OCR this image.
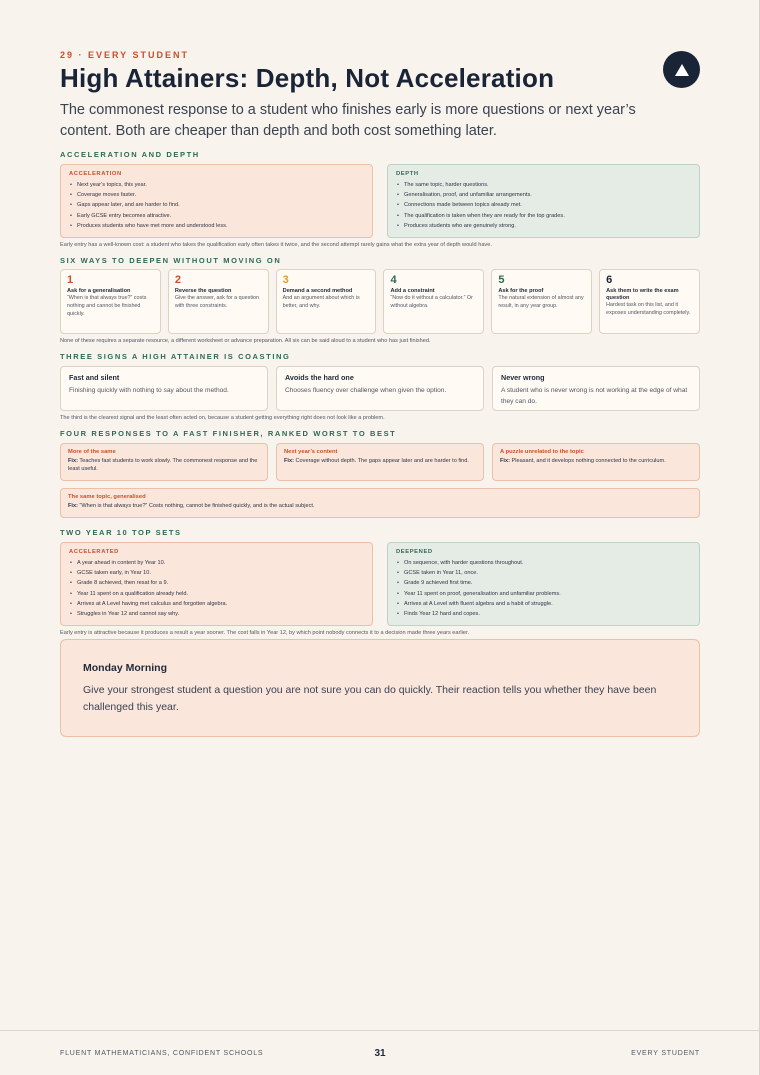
29 · EVERY STUDENT
High Attainers: Depth, Not Acceleration
The commonest response to a student who finishes early is more questions or next year’s content. Both are cheaper than depth and both cost something later.
ACCELERATION AND DEPTH
ACCELERATION
• Next year’s topics, this year.
• Coverage moves faster.
• Gaps appear later, and are harder to find.
• Early GCSE entry becomes attractive.
• Produces students who have met more and understood less.
DEPTH
• The same topic, harder questions.
• Generalisation, proof, and unfamiliar arrangements.
• Connections made between topics already met.
• The qualification is taken when they are ready for the top grades.
• Produces students who are genuinely strong.
Early entry has a well-known cost: a student who takes the qualification early often takes it twice, and the second attempt rarely gains what the extra year of depth would have.
SIX WAYS TO DEEPEN WITHOUT MOVING ON
1
Ask for a generalisation
“When is that always true?” costs nothing and cannot be finished quickly.
2
Reverse the question
Give the answer, ask for a question with three constraints.
3
Demand a second method
And an argument about which is better, and why.
4
Add a constraint
“Now do it without a calculator.” Or without algebra.
5
Ask for the proof
The natural extension of almost any result, in any year group.
6
Ask them to write the exam question
Hardest task on this list, and it exposes understanding completely.
None of these requires a separate resource, a different worksheet or advance preparation. All six can be said aloud to a student who has just finished.
THREE SIGNS A HIGH ATTAINER IS COASTING
Fast and silent
Finishing quickly with nothing to say about the method.
Avoids the hard one
Chooses fluency over challenge when given the option.
Never wrong
A student who is never wrong is not working at the edge of what they can do.
The third is the clearest signal and the least often acted on, because a student getting everything right does not look like a problem.
FOUR RESPONSES TO A FAST FINISHER, RANKED WORST TO BEST
More of the same
Fix: Teaches fast students to work slowly. The commonest response and the least useful.
Next year’s content
Fix: Coverage without depth. The gaps appear later and are harder to find.
A puzzle unrelated to the topic
Fix: Pleasant, and it develops nothing connected to the curriculum.
The same topic, generalised
Fix: “When is that always true?” Costs nothing, cannot be finished quickly, and is the actual subject.
TWO YEAR 10 TOP SETS
ACCELERATED
• A year ahead in content by Year 10.
• GCSE taken early, in Year 10.
• Grade 8 achieved, then resat for a 9.
• Year 11 spent on a qualification already held.
• Arrives at A Level having met calculus and forgotten algebra.
• Struggles in Year 12 and cannot say why.
DEEPENED
• On sequence, with harder questions throughout.
• GCSE taken in Year 11, once.
• Grade 9 achieved first time.
• Year 11 spent on proof, generalisation and unfamiliar problems.
• Arrives at A Level with fluent algebra and a habit of struggle.
• Finds Year 12 hard and copes.
Early entry is attractive because it produces a result a year sooner. The cost falls in Year 12, by which point nobody connects it to a decision made three years earlier.
Monday Morning
Give your strongest student a question you are not sure you can do quickly. Their reaction tells you whether they have been challenged this year.
FLUENT MATHEMATICIANS, CONFIDENT SCHOOLS	31	EVERY STUDENT
